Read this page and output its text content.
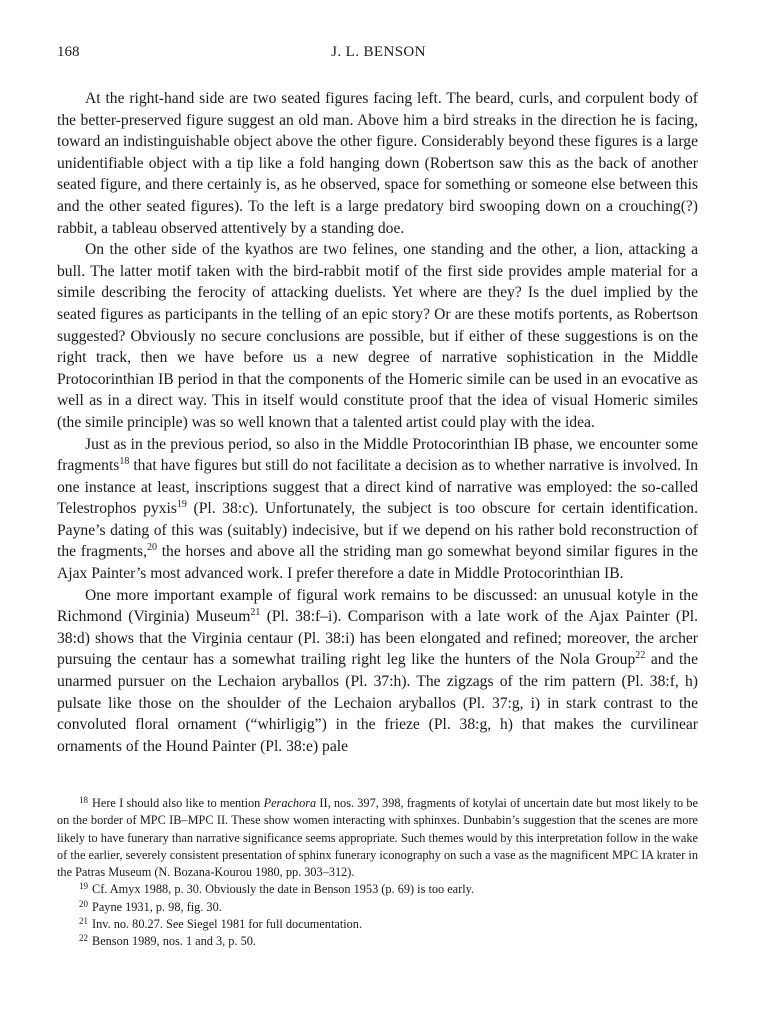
168	J. L. BENSON

At the right-hand side are two seated figures facing left. The beard, curls, and corpulent body of the better-preserved figure suggest an old man. Above him a bird streaks in the direction he is facing, toward an indistinguishable object above the other figure. Considerably beyond these figures is a large unidentifiable object with a tip like a fold hanging down (Robertson saw this as the back of another seated figure, and there certainly is, as he observed, space for something or someone else between this and the other seated figures). To the left is a large predatory bird swooping down on a crouching(?) rabbit, a tableau observed attentively by a standing doe.

On the other side of the kyathos are two felines, one standing and the other, a lion, attacking a bull. The latter motif taken with the bird-rabbit motif of the first side provides ample material for a simile describing the ferocity of attacking duelists. Yet where are they? Is the duel implied by the seated figures as participants in the telling of an epic story? Or are these motifs portents, as Robertson suggested? Obviously no secure conclusions are possible, but if either of these suggestions is on the right track, then we have before us a new degree of narrative sophistication in the Middle Protocorinthian IB period in that the components of the Homeric simile can be used in an evocative as well as in a direct way. This in itself would constitute proof that the idea of visual Homeric similes (the simile principle) was so well known that a talented artist could play with the idea.

Just as in the previous period, so also in the Middle Protocorinthian IB phase, we encounter some fragments$^{18}$ that have figures but still do not facilitate a decision as to whether narrative is involved. In one instance at least, inscriptions suggest that a direct kind of narrative was employed: the so-called Telestrophos pyxis$^{19}$ (Pl. 38:c). Unfortunately, the subject is too obscure for certain identification. Payne’s dating of this was (suitably) indecisive, but if we depend on his rather bold reconstruction of the fragments,$^{20}$ the horses and above all the striding man go somewhat beyond similar figures in the Ajax Painter’s most advanced work. I prefer therefore a date in Middle Protocorinthian IB.

One more important example of figural work remains to be discussed: an unusual kotyle in the Richmond (Virginia) Museum$^{21}$ (Pl. 38:f–i). Comparison with a late work of the Ajax Painter (Pl. 38:d) shows that the Virginia centaur (Pl. 38:i) has been elongated and refined; moreover, the archer pursuing the centaur has a somewhat trailing right leg like the hunters of the Nola Group$^{22}$ and the unarmed pursuer on the Lechaion aryballos (Pl. 37:h). The zigzags of the rim pattern (Pl. 38:f, h) pulsate like those on the shoulder of the Lechaion aryballos (Pl. 37:g, i) in stark contrast to the convoluted floral ornament (“whirligig”) in the frieze (Pl. 38:g, h) that makes the curvilinear ornaments of the Hound Painter (Pl. 38:e) pale

$^{18}$ Here I should also like to mention Perachora II, nos. 397, 398, fragments of kotylai of uncertain date but most likely to be on the border of MPC IB–MPC II. These show women interacting with sphinxes. Dunbabin’s suggestion that the scenes are more likely to have funerary than narrative significance seems appropriate. Such themes would by this interpretation follow in the wake of the earlier, severely consistent presentation of sphinx funerary iconography on such a vase as the magnificent MPC IA krater in the Patras Museum (N. Bozana-Kourou 1980, pp. 303–312).

$^{19}$ Cf. Amyx 1988, p. 30. Obviously the date in Benson 1953 (p. 69) is too early.

$^{20}$ Payne 1931, p. 98, fig. 30.

$^{21}$ Inv. no. 80.27. See Siegel 1981 for full documentation.

$^{22}$ Benson 1989, nos. 1 and 3, p. 50.
